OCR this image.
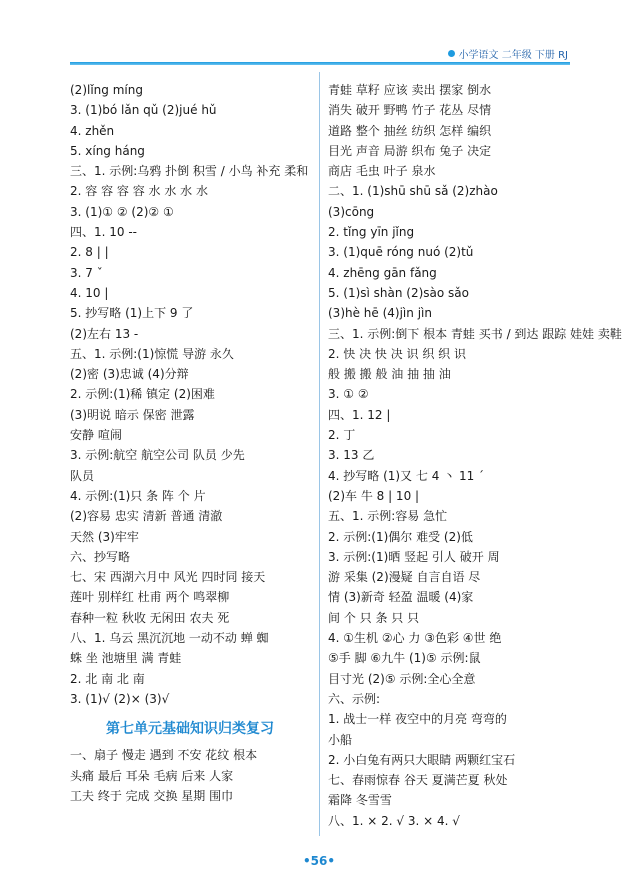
小学语文 二年级 下册 RJ
(2)lǐng míng
3. (1)bó lǎn qǔ (2)jué hǔ
4. zhěn
5. xíng háng
三、1. 示例:乌鸦 扑倒 积雪 / 小鸟 补充 柔和
2. 容 容 容 容 水 水 水 水
3. (1)① ② (2)② ①
四、1. 10 --
2. 8 | |
3. 7 ˇ
4. 10 |
5. 抄写略 (1)上下 9 了
(2)左右 13 -
五、1. 示例:(1)惊慌 导游 永久
(2)密 (3)忠诚 (4)分辩
2. 示例:(1)稀 镇定 (2)困难
(3)明说 暗示 保密 泄露
安静 喧闹
3. 示例:航空 航空公司 队员 少先
队员
4. 示例:(1)只 条 阵 个 片
(2)容易 忠实 清新 普通 清澈
天然 (3)牢牢
六、抄写略
七、宋 西湖六月中 风光 四时同 接天
莲叶 别样红 杜甫 两个 鸣翠柳
春种一粒 秋收 无闲田 农夫 死
八、1. 乌云 黑沉沉地 一动不动 蝉 蜘
蛛 坐 池塘里 满 青蛙
2. 北 南 北 南
3. (1)√ (2)× (3)√
第七单元基础知识归类复习
一、扇子 慢走 遇到 不安 花纹 根本
头痛 最后 耳朵 毛病 后来 人家
工夫 终于 完成 交换 星期 围巾
青蛙 草籽 应该 卖出 摆家 倒水
消失 破开 野鸭 竹子 花丛 尽情
道路 整个 抽丝 纺织 怎样 编织
目光 声音 局游 织布 兔子 决定
商店 毛虫 叶子 泉水
二、1. (1)shū shū sǎ (2)zhào
(3)cōng
2. tǐng yīn jǐng
3. (1)quē róng nuó (2)tǔ
4. zhēng gān fǎng
5. (1)sì shàn (2)sào sǎo
(3)hè hē (4)jìn jìn
三、1. 示例:倒下 根本 青蛙 买书 / 到达 跟踪 娃娃 卖鞋
2. 快 决 快 决 识 织 织 识
般 搬 搬 般 油 抽 抽 油
3. ① ②
四、1. 12 |
2. 丁
3. 13 乙
4. 抄写略 (1)又 七 4 丶 11 ˊ
(2)车 牛 8 | 10 |
五、1. 示例:容易 急忙
2. 示例:(1)偶尔 难受 (2)低
3. 示例:(1)晒 竖起 引人 破开 周
游 采集 (2)漫疑 自言自语 尽
情 (3)新奇 轻盈 温暖 (4)家
间 个 只 条 只 只
4. ①生机 ②心 力 ③色彩 ④世 绝
⑤手 脚 ⑥九牛 (1)⑤ 示例:鼠
目寸光 (2)⑤ 示例:全心全意
六、示例:
1. 战士一样 夜空中的月亮 弯弯的
小船
2. 小白兔有两只大眼睛 两颗红宝石
七、春雨惊春 谷天 夏满芒夏 秋处
霜降 冬雪雪
八、1. × 2. √ 3. × 4. √
•56•
